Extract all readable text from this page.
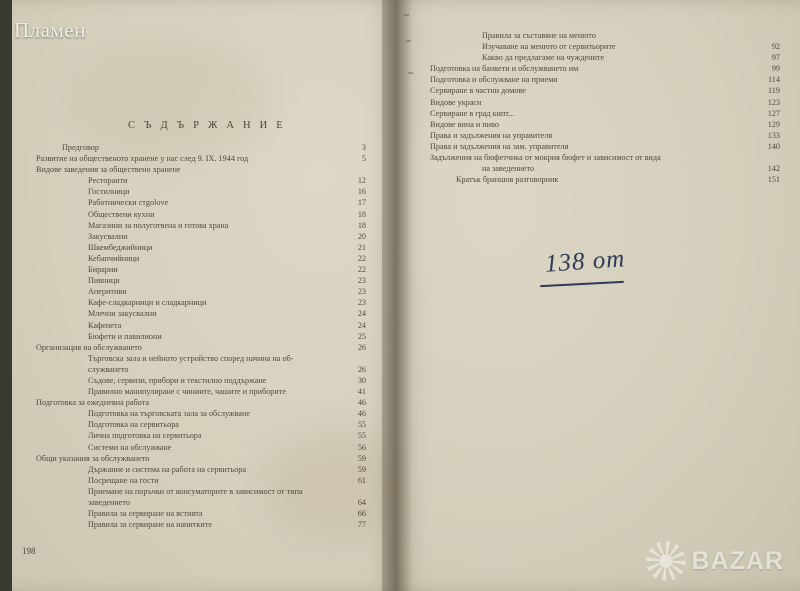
С Ъ Д Ъ Р Ж А Н И Е
Предговор	3
Развитие на общественото хранене у нас след 9. IX. 1944 год	5
Видове заведения за обществено хранене
Ресторанти	12
Гостилници	16
Работнически стgolove	17
Обществени кухни	18
Магазини за полуготвена и готова храна	18
Закусвални	20
Шкембеджийници	21
Кебапчийници	22
Бирарии	22
Пивници	23
Аперитиви	23
Кафе-сладкарници и сладкарници	23
Млечни закусвални	24
Кафенета	24
Бюфети и павилиони	25
Организация на обслужването	26
Търговска зала и нейното устройство според начина на об-
служването	26
Съдове, сервизи, прибори и текстилно поддържане	30
Правилно манипулиране с чиниите, чашите и приборите	41
Подготовка за ежедневна работа	46
Подготовка на търговската зала за обслужване	46
Подготовка на сервитьора	55
Лична подготовка на сервитьора	55
Системи на обслужване	56
Общи указания за обслужването	59
Държание и система на работа на сервитьора	59
Посрещане на гости	61
Приемане на поръчки от консуматорите в зависимост от типа
заведението	64
Правила за сервиране на ястията	66
Правила за сервиране на напитките	77
198
Правила за съставяне на менюто
Изучаване на менюто от сервитьорите	92
Какво да предлагаме на чуждените	97
Подготовка на банкети и обслужването им	99
Подготовка и обслужване на приеми	114
Сервиране в частни домове	119
Видове украси	123
Сервиране в град кипт...	127
Видове вина и пиво	129
Права и задължения на управителя	133
Права и задължения на зам. управителя	140
Задължения на бюфетчика от мокрия бюфет и зависимост от вида
на заведението	142
Кратък браншов разговорник	151
138 от
Пламен
BAZAR
